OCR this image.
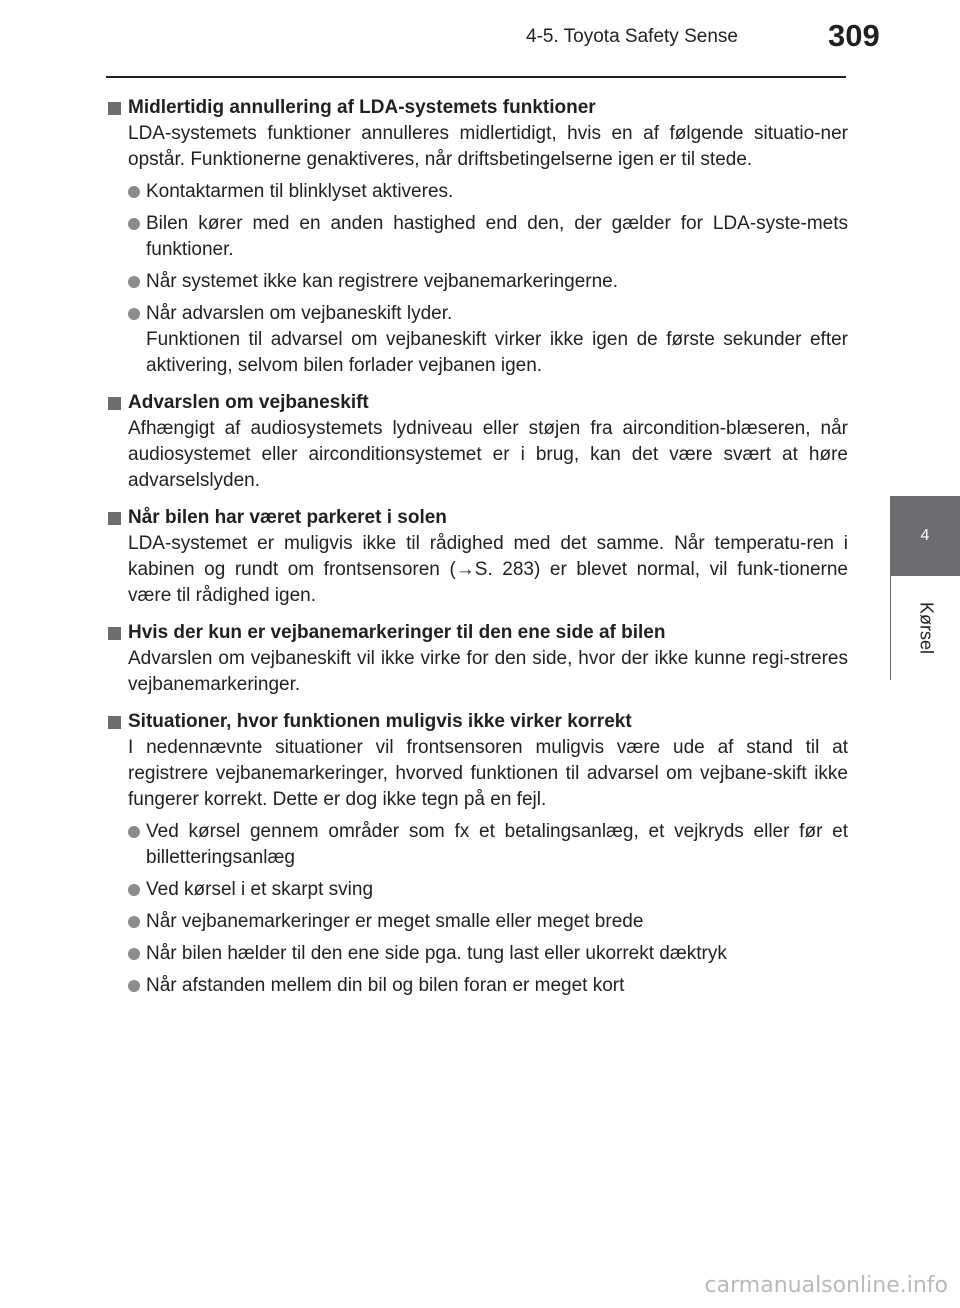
4-5. Toyota Safety Sense	309
4
Kørsel
Midlertidig annullering af LDA-systemets funktioner
LDA-systemets funktioner annulleres midlertidigt, hvis en af følgende situatio-ner opstår. Funktionerne genaktiveres, når driftsbetingelserne igen er til stede.
Kontaktarmen til blinklyset aktiveres.
Bilen kører med en anden hastighed end den, der gælder for LDA-syste-mets funktioner.
Når systemet ikke kan registrere vejbanemarkeringerne.
Når advarslen om vejbaneskift lyder.
Funktionen til advarsel om vejbaneskift virker ikke igen de første sekunder efter aktivering, selvom bilen forlader vejbanen igen.
Advarslen om vejbaneskift
Afhængigt af audiosystemets lydniveau eller støjen fra aircondition-blæseren, når audiosystemet eller airconditionsystemet er i brug, kan det være svært at høre advarselslyden.
Når bilen har været parkeret i solen
LDA-systemet er muligvis ikke til rådighed med det samme. Når temperatu-ren i kabinen og rundt om frontsensoren (→S. 283) er blevet normal, vil funk-tionerne være til rådighed igen.
Hvis der kun er vejbanemarkeringer til den ene side af bilen
Advarslen om vejbaneskift vil ikke virke for den side, hvor der ikke kunne regi-streres vejbanemarkeringer.
Situationer, hvor funktionen muligvis ikke virker korrekt
I nedennævnte situationer vil frontsensoren muligvis være ude af stand til at registrere vejbanemarkeringer, hvorved funktionen til advarsel om vejbane-skift ikke fungerer korrekt. Dette er dog ikke tegn på en fejl.
Ved kørsel gennem områder som fx et betalingsanlæg, et vejkryds eller før et billetteringsanlæg
Ved kørsel i et skarpt sving
Når vejbanemarkeringer er meget smalle eller meget brede
Når bilen hælder til den ene side pga. tung last eller ukorrekt dæktryk
Når afstanden mellem din bil og bilen foran er meget kort
carmanualsonline.info
